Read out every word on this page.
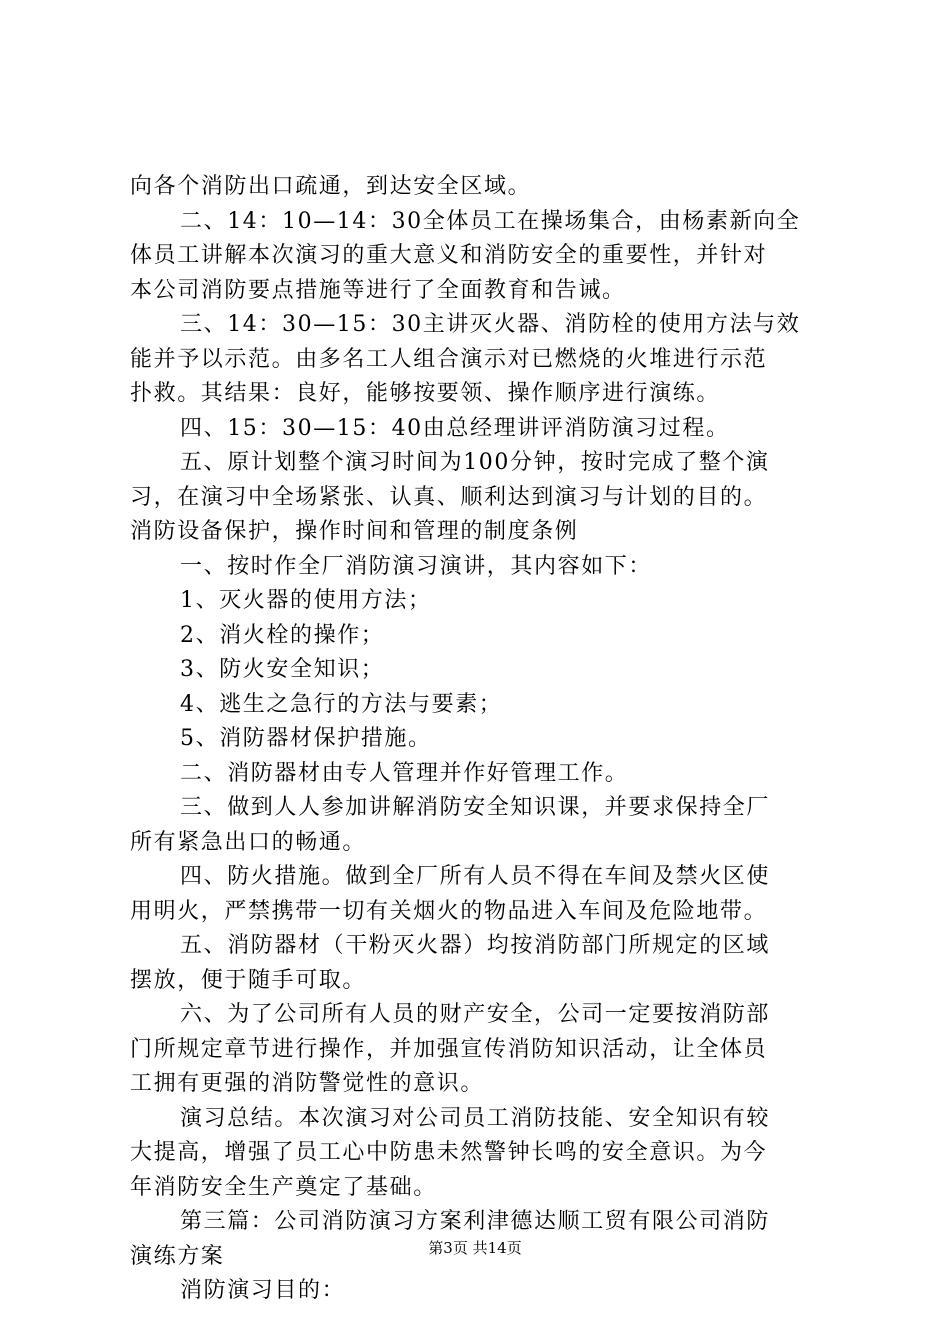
向各个消防出口疏通，到达安全区域。
二、14：10—14：30全体员工在操场集合，由杨素新向全
体员工讲解本次演习的重大意义和消防安全的重要性，并针对
本公司消防要点措施等进行了全面教育和告诫。
三、14：30—15：30主讲灭火器、消防栓的使用方法与效
能并予以示范。由多名工人组合演示对已燃烧的火堆进行示范
扑救。其结果：良好，能够按要领、操作顺序进行演练。
四、15：30—15：40由总经理讲评消防演习过程。
五、原计划整个演习时间为100分钟，按时完成了整个演
习，在演习中全场紧张、认真、顺利达到演习与计划的目的。
消防设备保护，操作时间和管理的制度条例
一、按时作全厂消防演习演讲，其内容如下：
1、灭火器的使用方法；
2、消火栓的操作；
3、防火安全知识；
4、逃生之急行的方法与要素；
5、消防器材保护措施。
二、消防器材由专人管理并作好管理工作。
三、做到人人参加讲解消防安全知识课，并要求保持全厂
所有紧急出口的畅通。
四、防火措施。做到全厂所有人员不得在车间及禁火区使
用明火，严禁携带一切有关烟火的物品进入车间及危险地带。
五、消防器材（干粉灭火器）均按消防部门所规定的区域
摆放，便于随手可取。
六、为了公司所有人员的财产安全，公司一定要按消防部
门所规定章节进行操作，并加强宣传消防知识活动，让全体员
工拥有更强的消防警觉性的意识。
演习总结。本次演习对公司员工消防技能、安全知识有较
大提高，增强了员工心中防患未然警钟长鸣的安全意识。为今
年消防安全生产奠定了基础。
第三篇：公司消防演习方案利津德达顺工贸有限公司消防
演练方案
消防演习目的：
第3页 共14页
